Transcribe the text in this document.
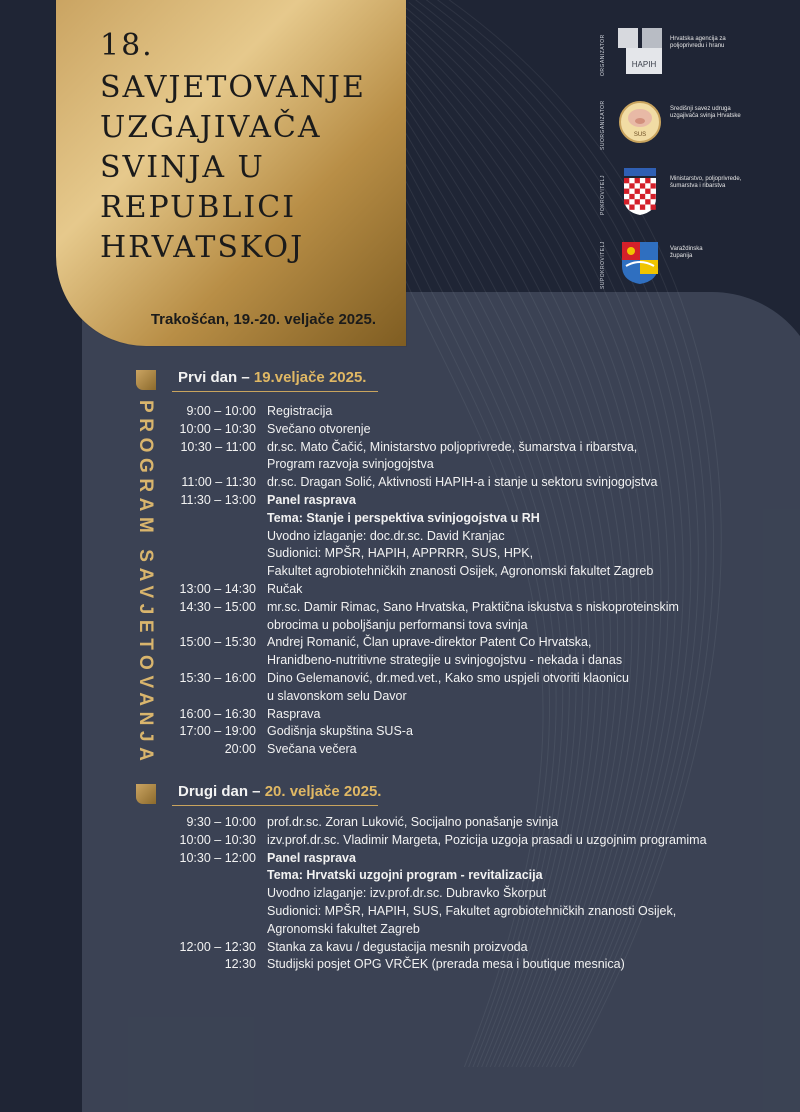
18.
SAVJETOVANJE
UZGAJIVAČA
SVINJA U
REPUBLICI
HRVATSKOJ
Trakošćan, 19.-20. veljače 2025.
ORGANIZATOR	HAPIH
Hrvatska agencija za
poljoprivredu i hranu
SUORGANIZATOR	SUS
Središnji savez udruga
uzgajivača svinja Hrvatske
POKROVITELJ	Ministarstvo, poljoprivrede,
šumarstva i ribarstva
SUPOKROVITELJ	Varaždinska
županija
PROGRAM SAVJETOVANJA
Prvi dan – 19.veljače 2025.
9:00 – 10:00 Registracija
10:00 – 10:30 Svečano otvorenje
10:30 – 11:00 dr.sc. Mato Čačić, Ministarstvo poljoprivrede, šumarstva i ribarstva,
Program razvoja svinjogojstva
11:00 – 11:30 dr.sc. Dragan Solić, Aktivnosti HAPIH-a i stanje u sektoru svinjogojstva
11:30 – 13:00 Panel rasprava
Tema: Stanje i perspektiva svinjogojstva u RH
Uvodno izlaganje: doc.dr.sc. David Kranjac
Sudionici: MPŠR, HAPIH, APPRRR, SUS, HPK,
Fakultet agrobiotehničkih znanosti Osijek, Agronomski fakultet Zagreb
13:00 – 14:30 Ručak
14:30 – 15:00 mr.sc. Damir Rimac, Sano Hrvatska, Praktična iskustva s niskoproteinskim
obrocima u poboljšanju performansi tova svinja
15:00 – 15:30 Andrej Romanić, Član uprave-direktor Patent Co Hrvatska,
Hranidbeno-nutritivne strategije u svinjogojstvu - nekada i danas
15:30 – 16:00 Dino Gelemanović, dr.med.vet., Kako smo uspjeli otvoriti klaonicu
u slavonskom selu Davor
16:00 – 16:30 Rasprava
17:00 – 19:00 Godišnja skupština SUS-a
20:00 Svečana večera
Drugi dan – 20. veljače 2025.
9:30 – 10:00 prof.dr.sc. Zoran Luković, Socijalno ponašanje svinja
10:00 – 10:30 izv.prof.dr.sc. Vladimir Margeta, Pozicija uzgoja prasadi u uzgojnim programima
10:30 – 12:00 Panel rasprava
Tema: Hrvatski uzgojni program - revitalizacija
Uvodno izlaganje: izv.prof.dr.sc. Dubravko Škorput
Sudionici: MPŠR, HAPIH, SUS, Fakultet agrobiotehničkih znanosti Osijek,
Agronomski fakultet Zagreb
12:00 – 12:30 Stanka za kavu / degustacija mesnih proizvoda
12:30 Studijski posjet OPG VRČEK (prerada mesa i boutique mesnica)
